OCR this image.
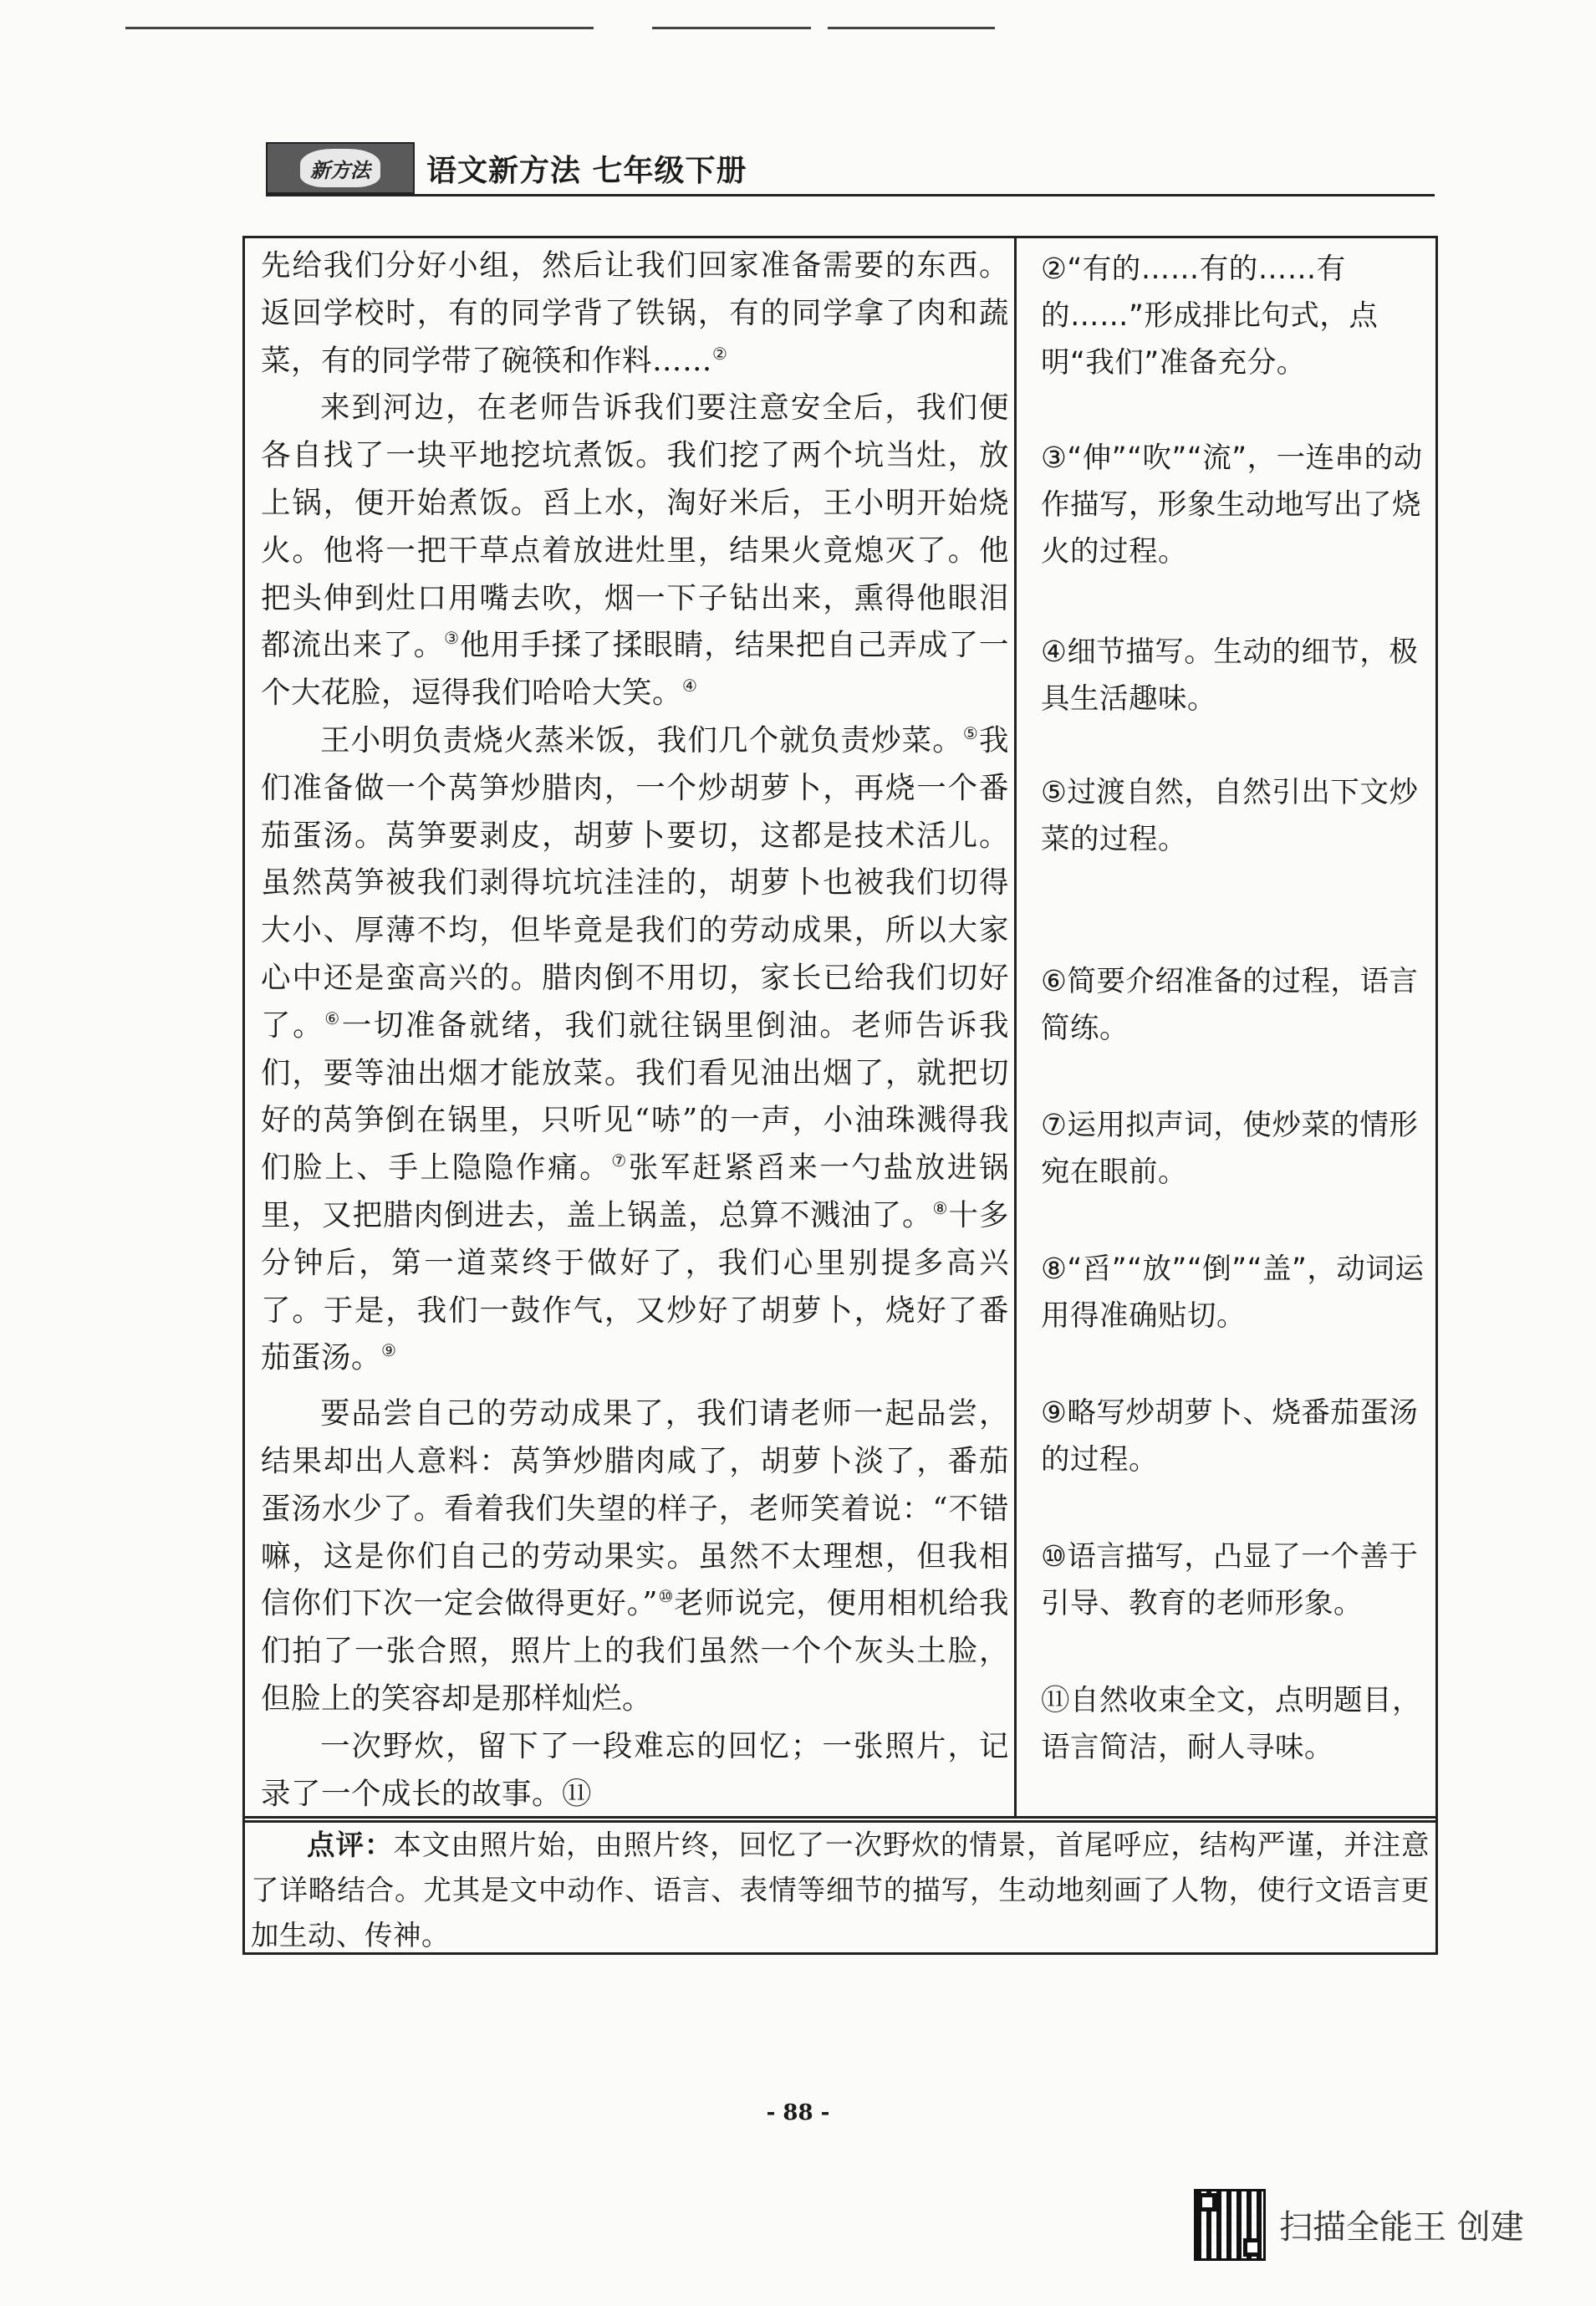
新方法	语文新方法 七年级下册

先给我们分好小组，然后让我们回家准备需要的东西。返回学校时，有的同学背了铁锅，有的同学拿了肉和蔬菜，有的同学带了碗筷和作料……②

来到河边，在老师告诉我们要注意安全后，我们便各自找了一块平地挖坑煮饭。我们挖了两个坑当灶，放上锅，便开始煮饭。舀上水，淘好米后，王小明开始烧火。他将一把干草点着放进灶里，结果火竟熄灭了。他把头伸到灶口用嘴去吹，烟一下子钻出来，熏得他眼泪都流出来了。③他用手揉了揉眼睛，结果把自己弄成了一个大花脸，逗得我们哈哈大笑。④

王小明负责烧火蒸米饭，我们几个就负责炒菜。⑤我们准备做一个莴笋炒腊肉，一个炒胡萝卜，再烧一个番茄蛋汤。莴笋要剥皮，胡萝卜要切，这都是技术活儿。虽然莴笋被我们剥得坑坑洼洼的，胡萝卜也被我们切得大小、厚薄不均，但毕竟是我们的劳动成果，所以大家心中还是蛮高兴的。腊肉倒不用切，家长已给我们切好了。⑥一切准备就绪，我们就往锅里倒油。老师告诉我们，要等油出烟才能放菜。我们看见油出烟了，就把切好的莴笋倒在锅里，只听见“哧”的一声，小油珠溅得我们脸上、手上隐隐作痛。⑦张军赶紧舀来一勺盐放进锅里，又把腊肉倒进去，盖上锅盖，总算不溅油了。⑧十多分钟后，第一道菜终于做好了，我们心里别提多高兴了。于是，我们一鼓作气，又炒好了胡萝卜，烧好了番茄蛋汤。⑨

要品尝自己的劳动成果了，我们请老师一起品尝，结果却出人意料：莴笋炒腊肉咸了，胡萝卜淡了，番茄蛋汤水少了。看着我们失望的样子，老师笑着说：“不错嘛，这是你们自己的劳动果实。虽然不太理想，但我相信你们下次一定会做得更好。”⑩老师说完，便用相机给我们拍了一张合照，照片上的我们虽然一个个灰头土脸，但脸上的笑容却是那样灿烂。

一次野炊，留下了一段难忘的回忆；一张照片，记录了一个成长的故事。⑪

②“有的……有的……有的……”形成排比句式，点明“我们”准备充分。
③“伸”“吹”“流”，一连串的动作描写，形象生动地写出了烧火的过程。
④细节描写。生动的细节，极具生活趣味。
⑤过渡自然，自然引出下文炒菜的过程。
⑥简要介绍准备的过程，语言简练。
⑦运用拟声词，使炒菜的情形宛在眼前。
⑧“舀”“放”“倒”“盖”，动词运用得准确贴切。
⑨略写炒胡萝卜、烧番茄蛋汤的过程。
⑩语言描写，凸显了一个善于引导、教育的老师形象。
⑪自然收束全文，点明题目，语言简洁，耐人寻味。
点评：本文由照片始，由照片终，回忆了一次野炊的情景，首尾呼应，结构严谨，并注意了详略结合。尤其是文中动作、语言、表情等细节的描写，生动地刻画了人物，使行文语言更加生动、传神。
- 88 -
扫描全能王 创建
